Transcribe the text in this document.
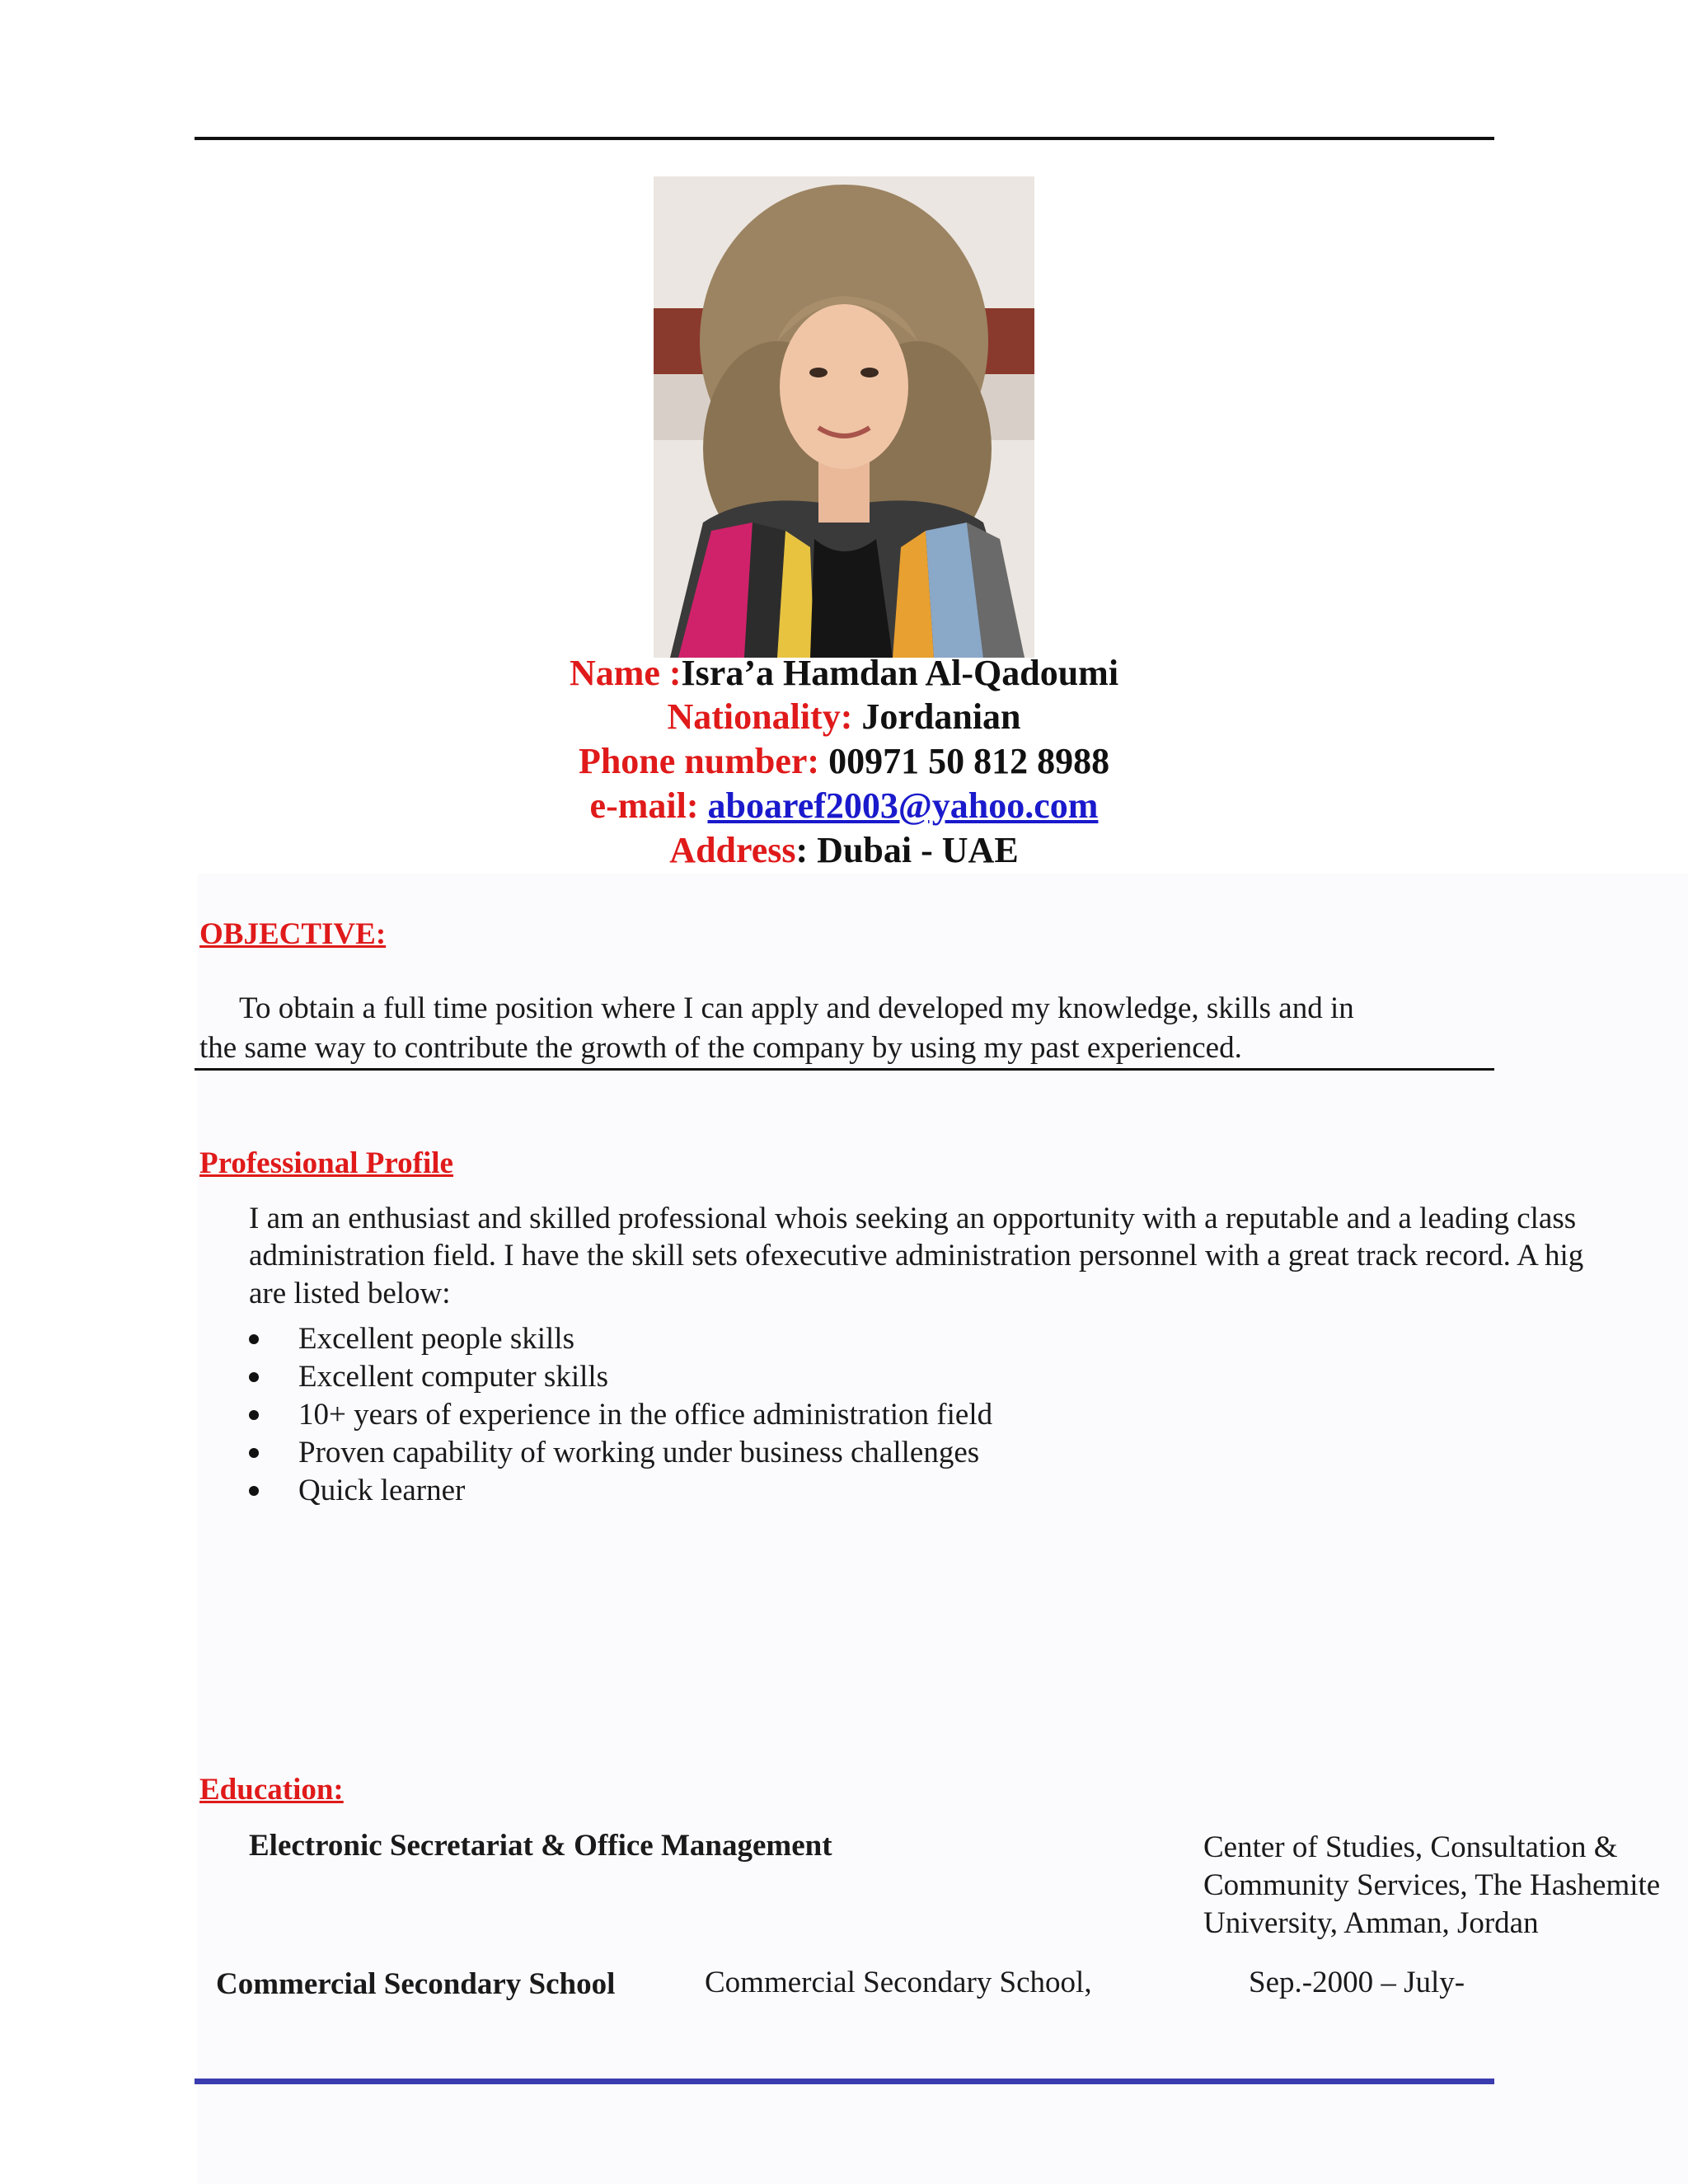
Name :Isra’a Hamdan Al-Qadoumi
Nationality: Jordanian
Phone number: 00971 50 812 8988
e-mail: aboaref2003@yahoo.com
Address: Dubai - UAE
OBJECTIVE:
To obtain a full time position where I can apply and developed my knowledge, skills and in
the same way to contribute the growth of the company by using my past experienced.
Professional Profile
I am an enthusiast and skilled professional whois seeking an opportunity with a reputable and a leading class
administration field. I have the skill sets ofexecutive administration personnel with a great track record. A hig
are listed below:
Excellent people skills
Excellent computer skills
10+ years of experience in the office administration field
Proven capability of working under business challenges
Quick learner
Education:
Electronic Secretariat & Office Management	Center of Studies, Consultation &
Community Services, The Hashemite
University, Amman, Jordan
Commercial Secondary School	Commercial Secondary School,	Sep.-2000 – July-
